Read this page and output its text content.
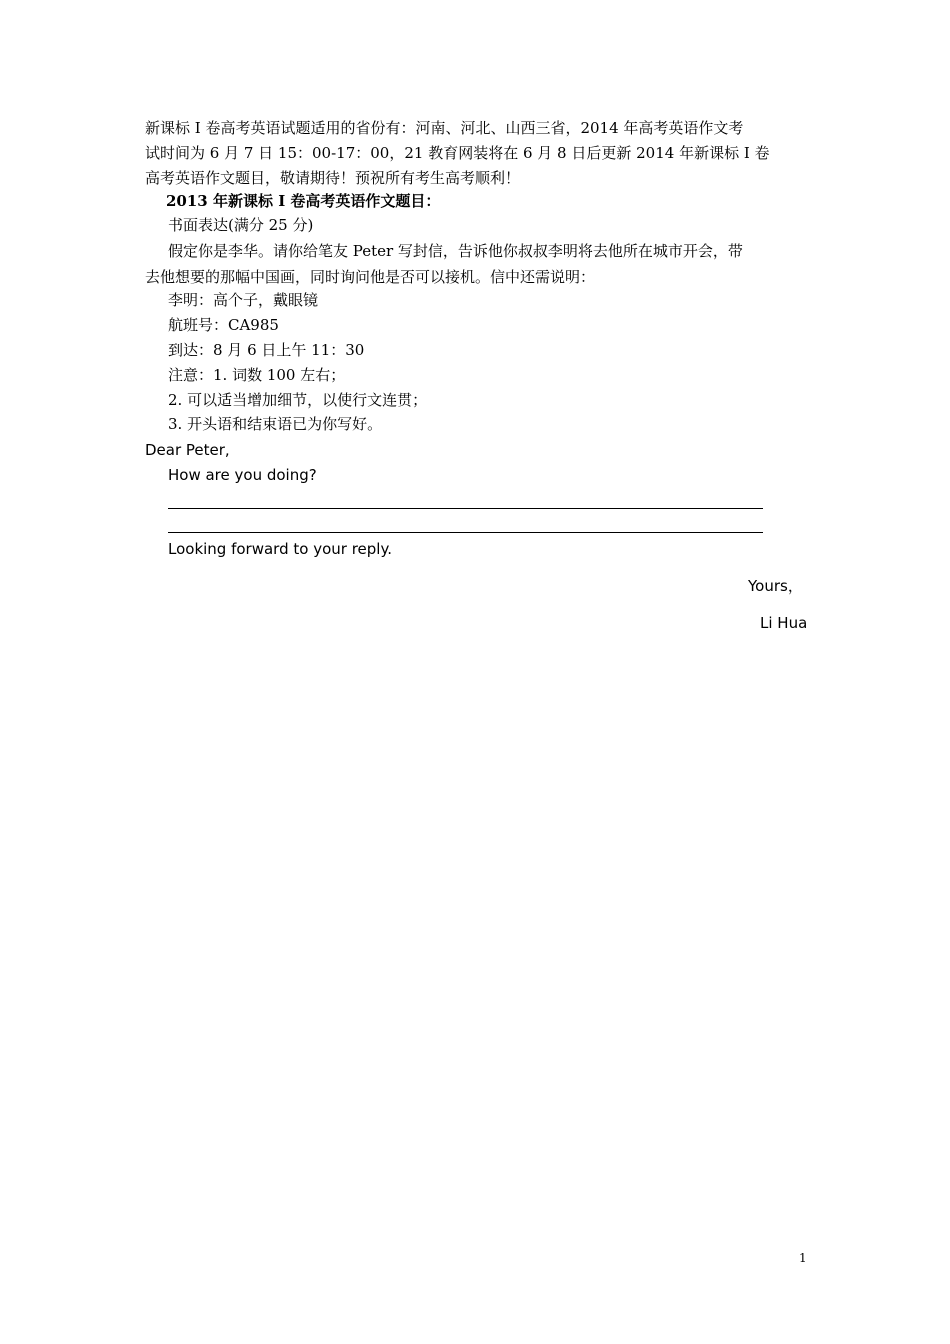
新课标 I 卷高考英语试题适用的省份有：河南、河北、山西三省，2014 年高考英语作文考
试时间为 6 月 7 日 15：00-17：00，21 教育网装将在 6 月 8 日后更新 2014 年新课标 I 卷
高考英语作文题目，敬请期待！预祝所有考生高考顺利！
2013 年新课标 I 卷高考英语作文题目：
书面表达(满分 25 分)
假定你是李华。请你给笔友 Peter 写封信，告诉他你叔叔李明将去他所在城市开会，带
去他想要的那幅中国画，同时询问他是否可以接机。信中还需说明：
李明：高个子，戴眼镜
航班号：CA985
到达：8 月 6 日上午 11：30
注意：1. 词数 100 左右；
2. 可以适当增加细节，以使行文连贯；
3. 开头语和结束语已为你写好。
Dear Peter,
How are you doing?
Looking forward to your reply.
Yours，
Li Hua
1
